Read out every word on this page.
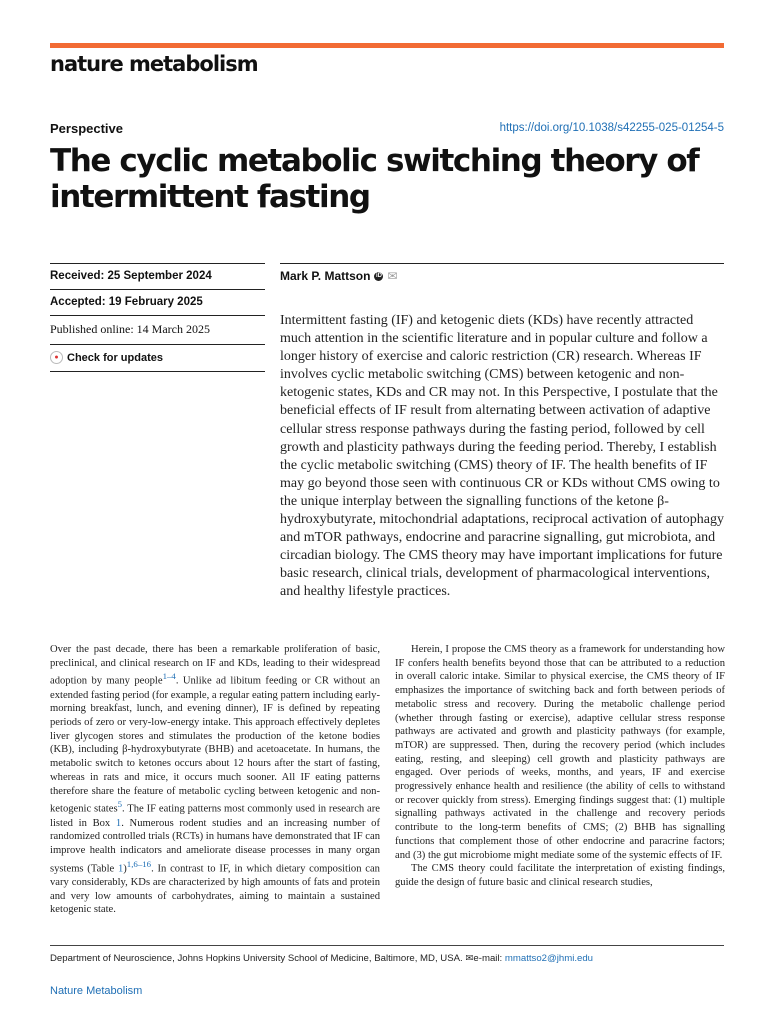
nature metabolism
Perspective	https://doi.org/10.1038/s42255-025-01254-5
The cyclic metabolic switching theory of intermittent fasting
Received: 25 September 2024
Accepted: 19 February 2025
Published online: 14 March 2025
● Check for updates
Mark P. Mattson iD ✉

Intermittent fasting (IF) and ketogenic diets (KDs) have recently attracted much attention in the scientific literature and in popular culture and follow a longer history of exercise and caloric restriction (CR) research. Whereas IF involves cyclic metabolic switching (CMS) between ketogenic and non-ketogenic states, KDs and CR may not. In this Perspective, I postulate that the beneficial effects of IF result from alternating between activation of adaptive cellular stress response pathways during the fasting period, followed by cell growth and plasticity pathways during the feeding period. Thereby, I establish the cyclic metabolic switching (CMS) theory of IF. The health benefits of IF may go beyond those seen with continuous CR or KDs without CMS owing to the unique interplay between the signalling functions of the ketone β-hydroxybutyrate, mitochondrial adaptations, reciprocal activation of autophagy and mTOR pathways, endocrine and paracrine signalling, gut microbiota, and circadian biology. The CMS theory may have important implications for future basic research, clinical trials, development of pharmacological interventions, and healthy lifestyle practices.

Over the past decade, there has been a remarkable proliferation of basic, preclinical, and clinical research on IF and KDs, leading to their widespread adoption by many people$^{1-4}$. Unlike ad libitum feeding or CR without an extended fasting period (for example, a regular eating pattern including early-morning breakfast, lunch, and evening dinner), IF is defined by repeating periods of zero or very-low-energy intake. This approach effectively depletes liver glycogen stores and stimulates the production of the ketone bodies (KB), including β-hydroxybutyrate (BHB) and acetoacetate. In humans, the metabolic switch to ketones occurs about 12 hours after the start of fasting, whereas in rats and mice, it occurs much sooner. All IF eating patterns therefore share the feature of metabolic cycling between ketogenic and non-ketogenic states$^5$. The IF eating patterns most commonly used in research are listed in Box 1. Numerous rodent studies and an increasing number of randomized controlled trials (RCTs) in humans have demonstrated that IF can improve health indicators and ameliorate disease processes in many organ systems (Table 1)$^{1,6-16}$. In contrast to IF, in which dietary composition can vary considerably, KDs are characterized by high amounts of fats and protein and very low amounts of carbohydrates, aiming to maintain a sustained ketogenic state.

Herein, I propose the CMS theory as a framework for understanding how IF confers health benefits beyond those that can be attributed to a reduction in overall caloric intake. Similar to physical exercise, the CMS theory of IF emphasizes the importance of switching back and forth between periods of metabolic stress and recovery. During the metabolic challenge period (whether through fasting or exercise), adaptive cellular stress response pathways are activated and growth and plasticity pathways (for example, mTOR) are suppressed. Then, during the recovery period (which includes eating, resting, and sleeping) cell growth and plasticity pathways are engaged. Over periods of weeks, months, and years, IF and exercise progressively enhance health and resilience (the ability of cells to withstand or recover quickly from stress). Emerging findings suggest that: (1) multiple signalling pathways activated in the challenge and recovery periods contribute to the long-term benefits of CMS; (2) BHB has signalling functions that complement those of other endocrine and paracrine factors; and (3) the gut microbiome might mediate some of the systemic effects of IF.

The CMS theory could facilitate the interpretation of existing findings, guide the design of future basic and clinical research studies,

Department of Neuroscience, Johns Hopkins University School of Medicine, Baltimore, MD, USA. ✉e-mail: mmattso2@jhmi.edu
Nature Metabolism
